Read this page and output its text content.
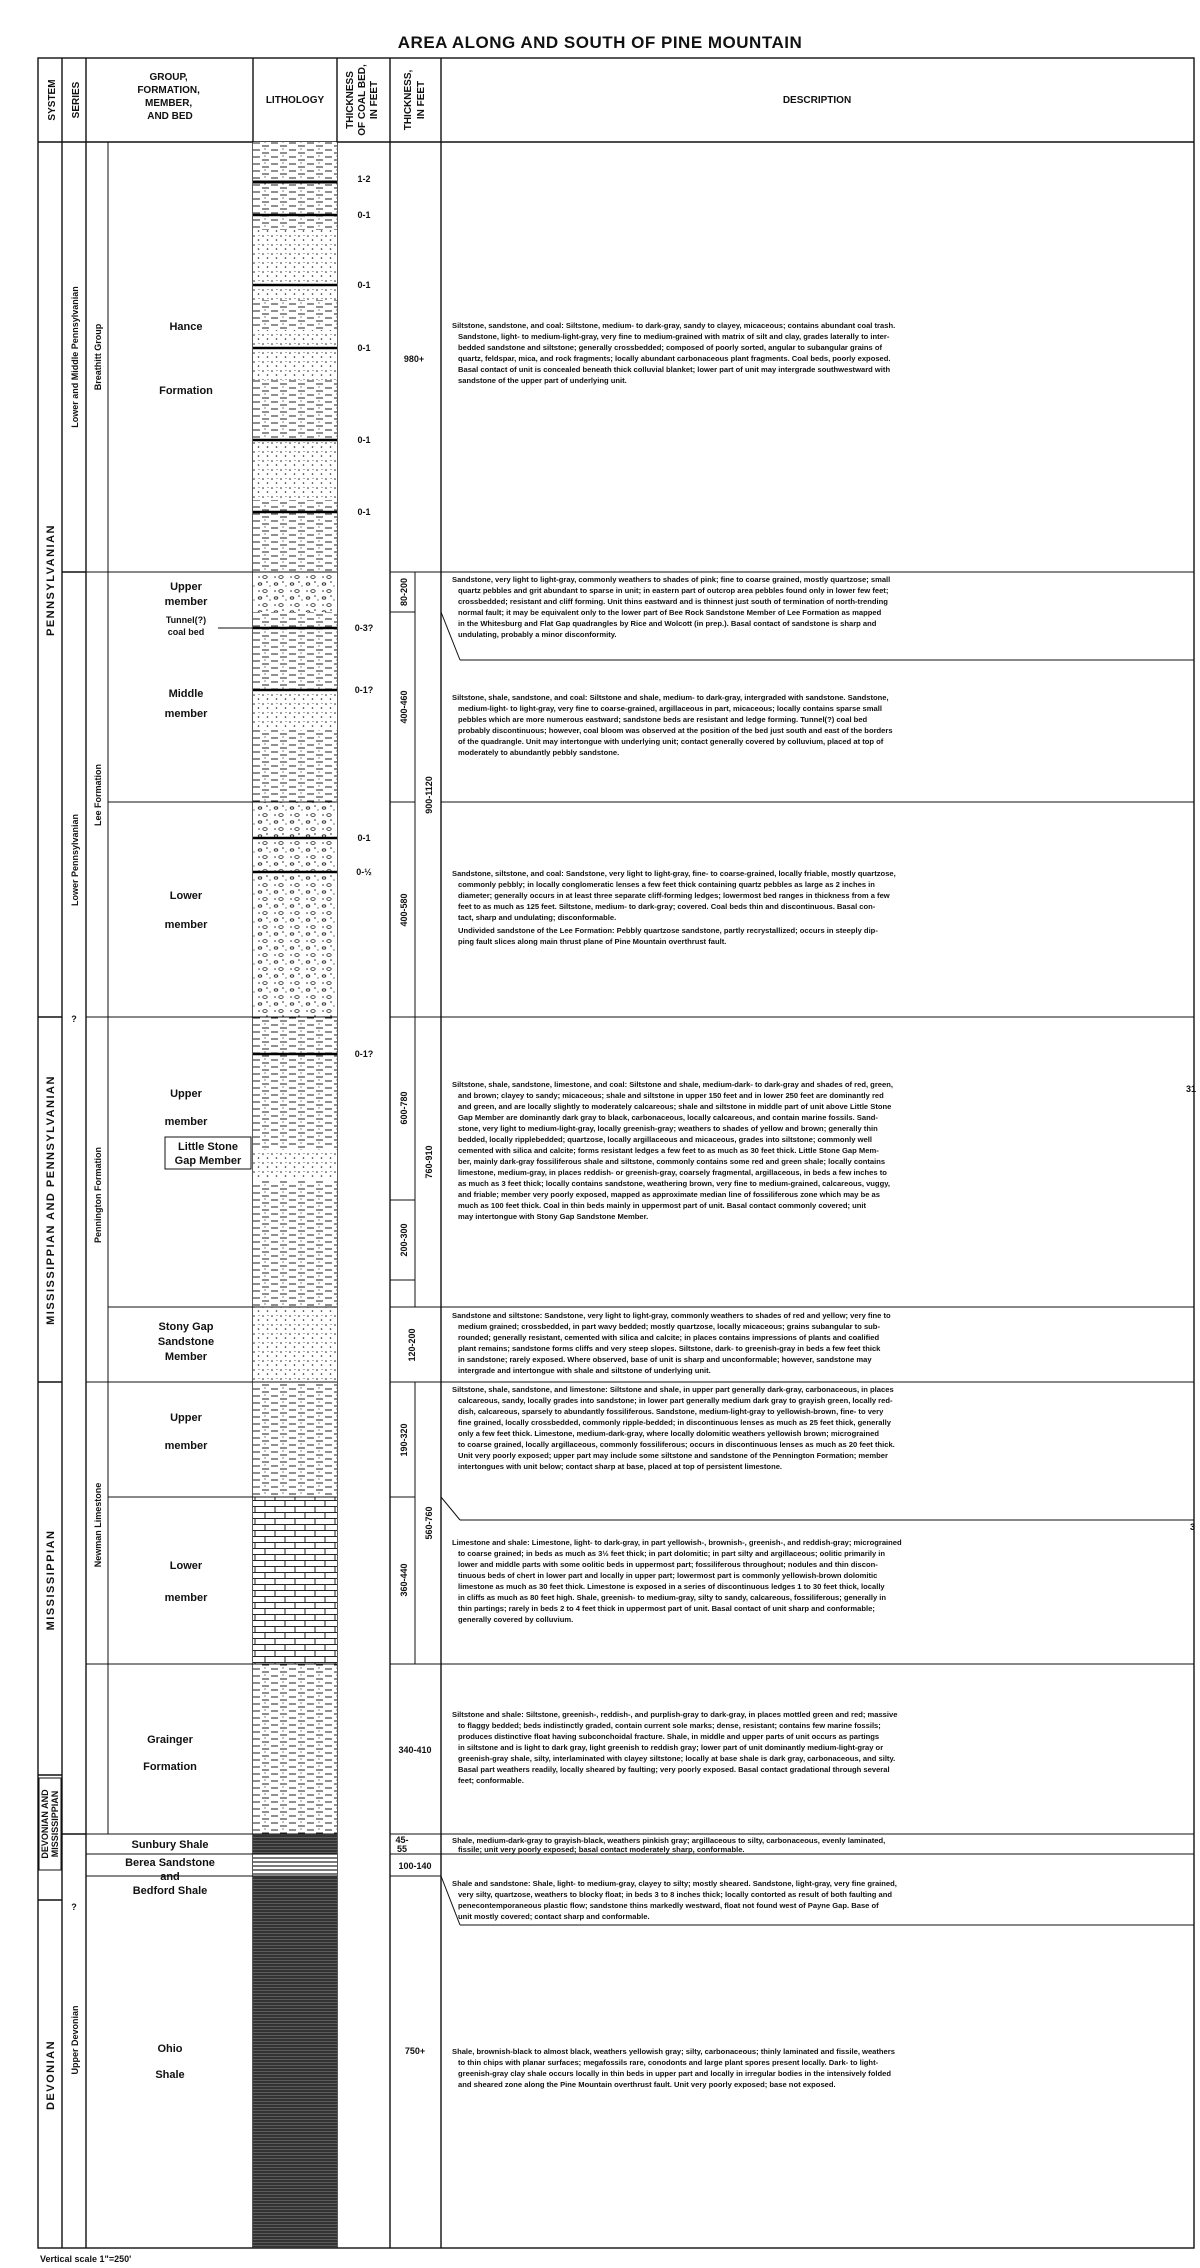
AREA ALONG AND SOUTH OF PINE MOUNTAIN
SYSTEM SERIES
GROUP, FORMATION, MEMBER, AND BED
LITHOLOGY THICKNESS OF COAL BED, IN FEET THICKNESS, IN FEET	DESCRIPTION
PENNSYLVANIAN
MISSISSIPPIAN AND PENNSYLVANIAN
MISSISSIPPIAN
DEVONIAN AND MISSISSIPPIAN
DEVONIAN
Lower and Middle Pennsylvanian
Lower Pennsylvanian
Upper Devonian
?
?
Breathitt Group
Lee Formation
Pennington Formation
Newman Limestone
Hance
Formation
Upper
member
Tunnel(?)
coal bed
Middle
member
Lower
member
Upper
member
Little Stone
Gap Member
Stony Gap
Sandstone
Member
Upper
member
Lower
member
Grainger
Formation
Sunbury Shale
Berea Sandstone
and
Bedford Shale
Ohio
Shale
1-2
0-1
0-1
0-1
0-1
0-1
0-3?
0-1?
0-1
0-½
0-1?
980+
80-200
400-460
400-580
900-1120
600-780
200-300
760-910
120-200
190-320
360-440
560-760
340-410
45-
55
100-140
750+
Siltstone, sandstone, and coal: Siltstone, medium- to dark-gray, sandy to clayey, micaceous; contains abundant coal trash.
Sandstone, light- to medium-light-gray, very fine to medium-grained with matrix of silt and clay, grades laterally to inter-
bedded sandstone and siltstone; generally crossbedded; composed of poorly sorted, angular to subangular grains of
quartz, feldspar, mica, and rock fragments; locally abundant carbonaceous plant fragments. Coal beds, poorly exposed.
Basal contact of unit is concealed beneath thick colluvial blanket; lower part of unit may intergrade southwestward with
sandstone of the upper part of underlying unit.
Sandstone, very light to light-gray, commonly weathers to shades of pink; fine to coarse grained, mostly quartzose; small
quartz pebbles and grit abundant to sparse in unit; in eastern part of outcrop area pebbles found only in lower few feet;
crossbedded; resistant and cliff forming. Unit thins eastward and is thinnest just south of termination of north-trending
normal fault; it may be equivalent only to the lower part of Bee Rock Sandstone Member of Lee Formation as mapped
in the Whitesburg and Flat Gap quadrangles by Rice and Wolcott (in prep.). Basal contact of sandstone is sharp and
undulating, probably a minor disconformity.
Siltstone, shale, sandstone, and coal: Siltstone and shale, medium- to dark-gray, intergraded with sandstone. Sandstone,
medium-light- to light-gray, very fine to coarse-grained, argillaceous in part, micaceous; locally contains sparse small
pebbles which are more numerous eastward; sandstone beds are resistant and ledge forming. Tunnel(?) coal bed
probably discontinuous; however, coal bloom was observed at the position of the bed just south and east of the borders
of the quadrangle. Unit may intertongue with underlying unit; contact generally covered by colluvium, placed at top of
moderately to abundantly pebbly sandstone.
Sandstone, siltstone, and coal: Sandstone, very light to light-gray, fine- to coarse-grained, locally friable, mostly quartzose,
commonly pebbly; in locally conglomeratic lenses a few feet thick containing quartz pebbles as large as 2 inches in
diameter; generally occurs in at least three separate cliff-forming ledges; lowermost bed ranges in thickness from a few
feet to as much as 125 feet. Siltstone, medium- to dark-gray; covered. Coal beds thin and discontinuous. Basal con-
tact, sharp and undulating; disconformable.
Undivided sandstone of the Lee Formation: Pebbly quartzose sandstone, partly recrystallized; occurs in steeply dip-
ping fault slices along main thrust plane of Pine Mountain overthrust fault.
Siltstone, shale, sandstone, limestone, and coal: Siltstone and shale, medium-dark- to dark-gray and shades of red, green,
and brown; clayey to sandy; micaceous; shale and siltstone in upper 150 feet and in lower 250 feet are dominantly red
and green, and are locally slightly to moderately calcareous; shale and siltstone in middle part of unit above Little Stone
Gap Member are dominantly dark gray to black, carbonaceous, locally calcareous, and contain marine fossils. Sand-
stone, very light to medium-light-gray, locally greenish-gray; weathers to shades of yellow and brown; generally thin
bedded, locally ripplebedded; quartzose, locally argillaceous and micaceous, grades into siltstone; commonly well
cemented with silica and calcite; forms resistant ledges a few feet to as much as 30 feet thick. Little Stone Gap Mem-
ber, mainly dark-gray fossiliferous shale and siltstone, commonly contains some red and green shale; locally contains
limestone, medium-gray, in places reddish- or greenish-gray, coarsely fragmental, argillaceous, in beds a few inches to
as much as 3 feet thick; locally contains sandstone, weathering brown, very fine to medium-grained, calcareous, vuggy,
and friable; member very poorly exposed, mapped as approximate median line of fossiliferous zone which may be as
much as 100 feet thick. Coal in thin beds mainly in uppermost part of unit. Basal contact commonly covered; unit
may intertongue with Stony Gap Sandstone Member.
Sandstone and siltstone: Sandstone, very light to light-gray, commonly weathers to shades of red and yellow; very fine to
medium grained; crossbedded, in part wavy bedded; mostly quartzose, locally micaceous; grains subangular to sub-
rounded; generally resistant, cemented with silica and calcite; in places contains impressions of plants and coalified
plant remains; sandstone forms cliffs and very steep slopes. Siltstone, dark- to greenish-gray in beds a few feet thick
in sandstone; rarely exposed. Where observed, base of unit is sharp and unconformable; however, sandstone may
intergrade and intertongue with shale and siltstone of underlying unit.
Siltstone, shale, sandstone, and limestone: Siltstone and shale, in upper part generally dark-gray, carbonaceous, in places
calcareous, sandy, locally grades into sandstone; in lower part generally medium dark gray to grayish green, locally red-
dish, calcareous, sparsely to abundantly fossiliferous. Sandstone, medium-light-gray to yellowish-brown, fine- to very
fine grained, locally crossbedded, commonly ripple-bedded; in discontinuous lenses as much as 25 feet thick, generally
only a few feet thick. Limestone, medium-dark-gray, where locally dolomitic weathers yellowish brown; micrograined
to coarse grained, locally argillaceous, commonly fossiliferous; occurs in discontinuous lenses as much as 20 feet thick.
Unit very poorly exposed; upper part may include some siltstone and sandstone of the Pennington Formation; member
intertongues with unit below; contact sharp at base, placed at top of persistent limestone.
Limestone and shale: Limestone, light- to dark-gray, in part yellowish-, brownish-, greenish-, and reddish-gray; micrograined
to coarse grained; in beds as much as 3½ feet thick; in part dolomitic; in part silty and argillaceous; oolitic primarily in
lower and middle parts with some oolitic beds in uppermost part; fossiliferous throughout; nodules and thin discon-
tinuous beds of chert in lower part and locally in upper part; lowermost part is commonly yellowish-brown dolomitic
limestone as much as 30 feet thick. Limestone is exposed in a series of discontinuous ledges 1 to 30 feet thick, locally
in cliffs as much as 80 feet high. Shale, greenish- to medium-gray, silty to sandy, calcareous, fossiliferous; generally in
thin partings; rarely in beds 2 to 4 feet thick in uppermost part of unit. Basal contact of unit sharp and conformable;
generally covered by colluvium.
Siltstone and shale: Siltstone, greenish-, reddish-, and purplish-gray to dark-gray, in places mottled green and red; massive
to flaggy bedded; beds indistinctly graded, contain current sole marks; dense, resistant; contains few marine fossils;
produces distinctive float having subconchoidal fracture. Shale, in middle and upper parts of unit occurs as partings
in siltstone and is light to dark gray, light greenish to reddish gray; lower part of unit dominantly medium-light-gray or
greenish-gray shale, silty, interlaminated with clayey siltstone; locally at base shale is dark gray, carbonaceous, and silty.
Basal part weathers readily, locally sheared by faulting; very poorly exposed. Basal contact gradational through several
feet; conformable.
Shale, medium-dark-gray to grayish-black, weathers pinkish gray; argillaceous to silty, carbonaceous, evenly laminated,
fissile; unit very poorly exposed; basal contact moderately sharp, conformable.
Shale and sandstone: Shale, light- to medium-gray, clayey to silty; mostly sheared. Sandstone, light-gray, very fine grained,
very silty, quartzose, weathers to blocky float; in beds 3 to 8 inches thick; locally contorted as result of both faulting and
penecontemporaneous plastic flow; sandstone thins markedly westward, float not found west of Payne Gap. Base of
unit mostly covered; contact sharp and conformable.
Shale, brownish-black to almost black, weathers yellowish gray; silty, carbonaceous; thinly laminated and fissile, weathers
to thin chips with planar surfaces; megafossils rare, conodonts and large plant spores present locally. Dark- to light-
greenish-gray clay shale occurs locally in thin beds in upper part and locally in irregular bodies in the intensively folded
and sheared zone along the Pine Mountain overthrust fault. Unit very poorly exposed; base not exposed.
Vertical scale 1"=250'
31
3
